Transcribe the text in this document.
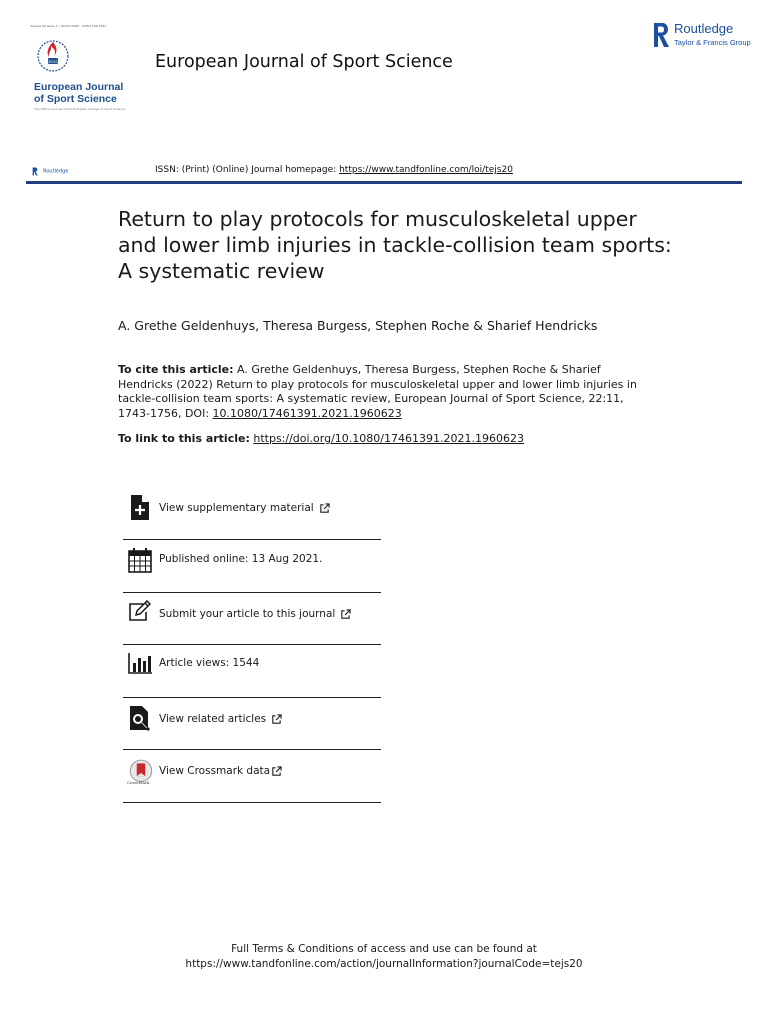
Volume 00 Issue 1 • Month 0000 · ISSN 1746-1391
ECSS
European Journal
of Sport Science
The Official Journal of the European College of Sport Science
European Journal of Sport Science
Routledge
Taylor & Francis Group
Routledge	ISSN: (Print) (Online) Journal homepage: https://www.tandfonline.com/loi/tejs20
Return to play protocols for musculoskeletal upper and lower limb injuries in tackle-collision team sports: A systematic review
A. Grethe Geldenhuys, Theresa Burgess, Stephen Roche & Sharief Hendricks
To cite this article: A. Grethe Geldenhuys, Theresa Burgess, Stephen Roche & Sharief Hendricks (2022) Return to play protocols for musculoskeletal upper and lower limb injuries in tackle-collision team sports: A systematic review, European Journal of Sport Science, 22:11, 1743-1756, DOI: 10.1080/17461391.2021.1960623
To link to this article: https://doi.org/10.1080/17461391.2021.1960623
View supplementary material
Published online: 13 Aug 2021.
Submit your article to this journal
Article views: 1544
View related articles
CrossMark
View Crossmark data
Full Terms & Conditions of access and use can be found at
https://www.tandfonline.com/action/journalInformation?journalCode=tejs20
